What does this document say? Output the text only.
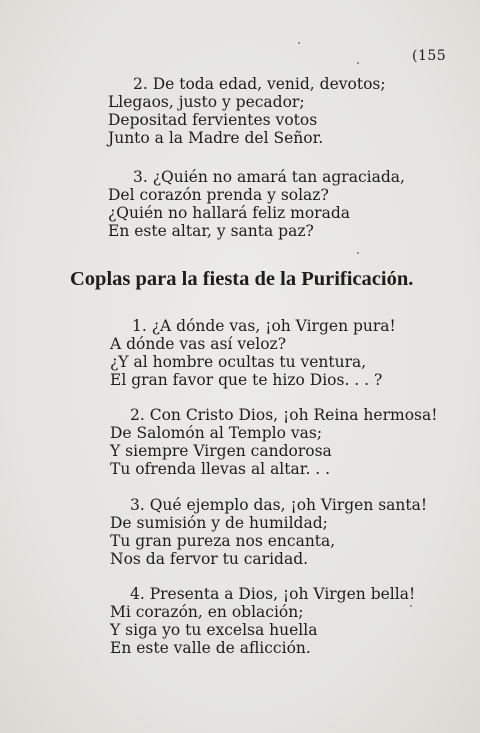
(155
2. De toda edad, venid, devotos;
Llegaos, justo y pecador;
Depositad fervientes votos
Junto a la Madre del Señor.
3. ¿Quién no amará tan agraciada,
Del corazón prenda y solaz?
¿Quién no hallará feliz morada
En este altar, y santa paz?
Coplas para la fiesta de la Purificación.
1. ¿A dónde vas, ¡oh Virgen pura!
A dónde vas así veloz?
¿Y al hombre ocultas tu ventura,
El gran favor que te hizo Dios. . . ?
2. Con Cristo Dios, ¡oh Reina hermosa!
De Salomón al Templo vas;
Y siempre Virgen candorosa
Tu ofrenda llevas al altar. . .
3. Qué ejemplo das, ¡oh Virgen santa!
De sumisión y de humildad;
Tu gran pureza nos encanta,
Nos da fervor tu caridad.
4. Presenta a Dios, ¡oh Virgen bella!
Mi corazón, en oblación;
Y siga yo tu excelsa huella
En este valle de aflicción.
